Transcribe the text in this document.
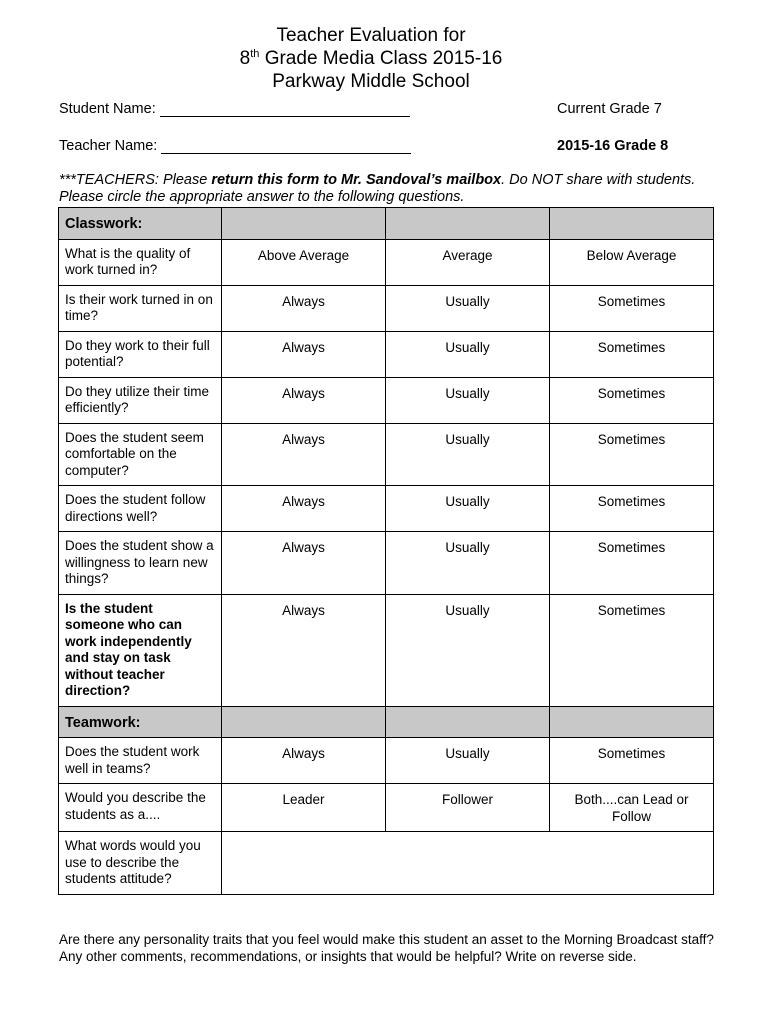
Teacher Evaluation for
8th Grade Media Class 2015-16
Parkway Middle School
Student Name:	Current Grade 7
Teacher Name:	2015-16 Grade 8
***TEACHERS: Please return this form to Mr. Sandoval’s mailbox. Do NOT share with students. Please circle the appropriate answer to the following questions.
Classwork:			
What is the quality of work turned in?	Above Average	Average	Below Average
Is their work turned in on time?	Always	Usually	Sometimes
Do they work to their full potential?	Always	Usually	Sometimes
Do they utilize their time efficiently?	Always	Usually	Sometimes
Does the student seem comfortable on the computer?	Always	Usually	Sometimes
Does the student follow directions well?	Always	Usually	Sometimes
Does the student show a willingness to learn new things?	Always	Usually	Sometimes
Is the student someone who can work independently and stay on task without teacher direction?	Always	Usually	Sometimes
Teamwork:			
Does the student work well in teams?	Always	Usually	Sometimes
Would you describe the students as a....	Leader	Follower	Both....can Lead or Follow
What words would you use to describe the students attitude?			
Are there any personality traits that you feel would make this student an asset to the Morning Broadcast staff? Any other comments, recommendations, or insights that would be helpful? Write on reverse side.
